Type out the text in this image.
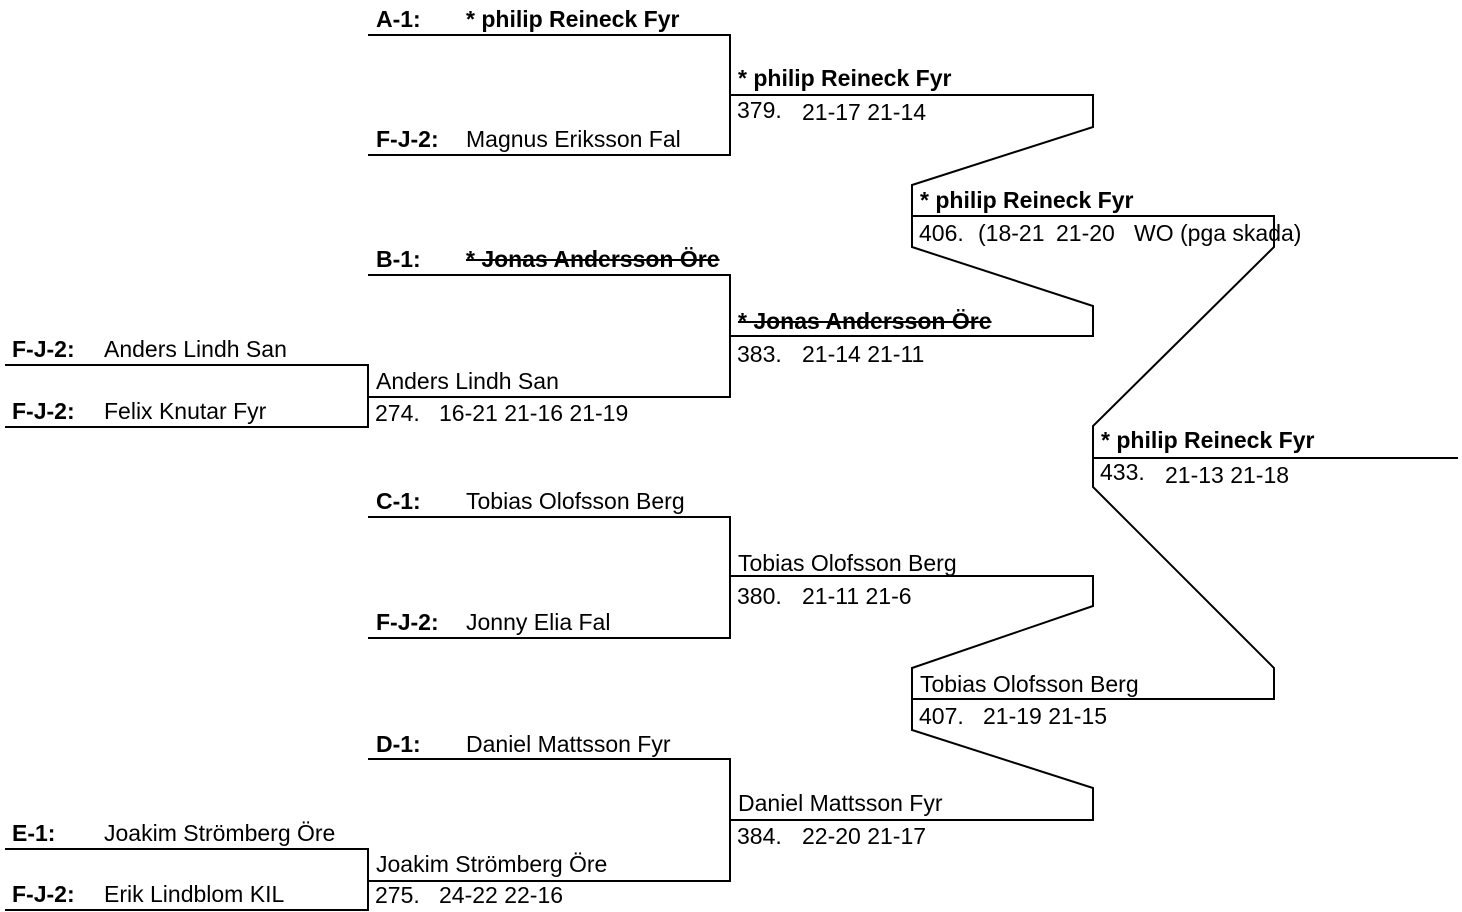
F-J-2: Anders Lindh San
F-J-2: Felix Knutar Fyr
E-1: Joakim Strömberg Öre
F-J-2: Erik Lindblom KIL
Anders Lindh San
274. 16-21 21-16 21-19
Joakim Strömberg Öre
275. 24-22 22-16
A-1: * philip Reineck Fyr
F-J-2: Magnus Eriksson Fal
B-1: * Jonas Andersson Öre
C-1: Tobias Olofsson Berg
F-J-2: Jonny Elia Fal
D-1: Daniel Mattsson Fyr
* philip Reineck Fyr
379. 21-17 21-14
* Jonas Andersson Öre
383. 21-14 21-11
Tobias Olofsson Berg
380. 21-11 21-6
Daniel Mattsson Fyr
384. 22-20 21-17
* philip Reineck Fyr
406. (18-21 21-20 WO (pga skada)
Tobias Olofsson Berg
407. 21-19 21-15
* philip Reineck Fyr
433. 21-13 21-18
